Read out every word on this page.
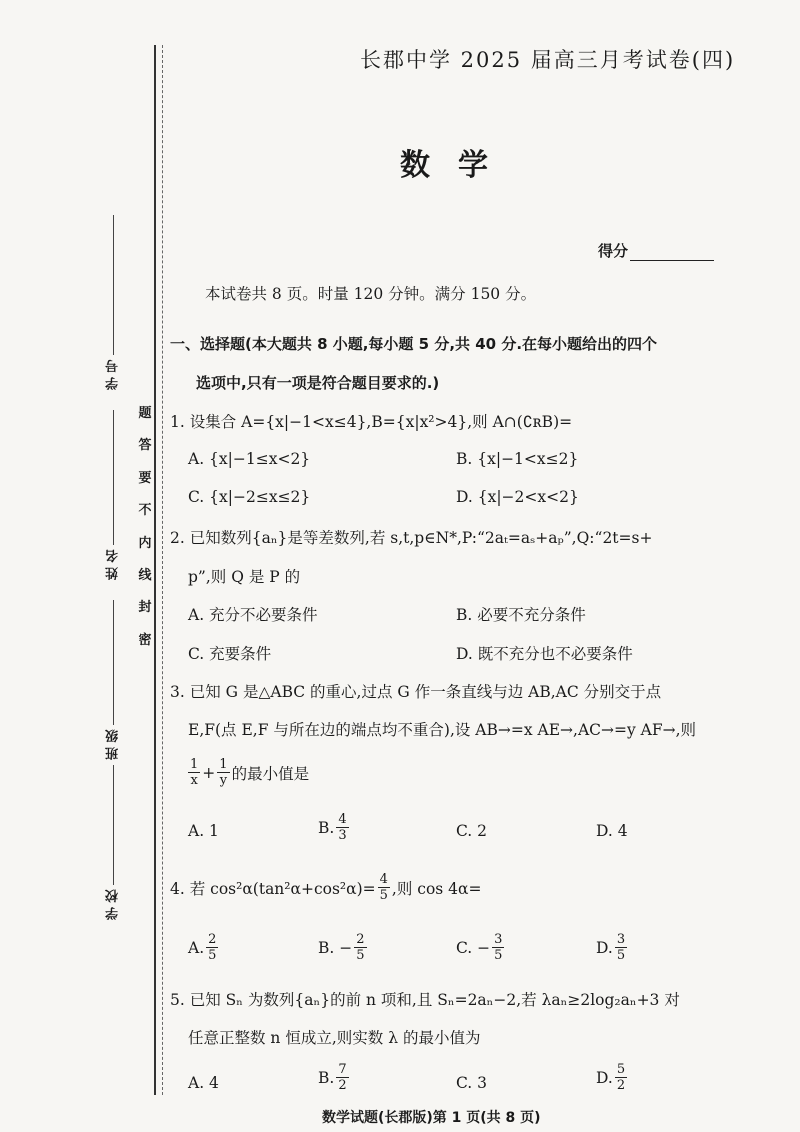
学 校
班 级
姓 名
学 号
题
答
要
不
内
线
封
密
长郡中学 2025 届高三月考试卷(四)
数学
得分
本试卷共 8 页。时量 120 分钟。满分 150 分。
一、选择题(本大题共 8 小题,每小题 5 分,共 40 分.在每小题给出的四个
选项中,只有一项是符合题目要求的.)
1. 设集合 A={x|−1<x≤4},B={x|x²>4},则 A∩(∁ʀB)=
A. {x|−1≤x<2}	B. {x|−1<x≤2}
C. {x|−2≤x≤2}	D. {x|−2<x<2}
2. 已知数列{aₙ}是等差数列,若 s,t,p∈N*,P:“2aₜ=aₛ+aₚ”,Q:“2t=s+
p”,则 Q 是 P 的
A. 充分不必要条件	B. 必要不充分条件
C. 充要条件	D. 既不充分也不必要条件
3. 已知 G 是△ABC 的重心,过点 G 作一条直线与边 AB,AC 分别交于点
E,F(点 E,F 与所在边的端点均不重合),设 AB→=x AE→,AC→=y AF→,则
$\frac{1}{x} + \frac{1}{y}$ 的最小值是
A. 1	B. $\frac{4}{3}$	C. 2	D. 4
4. 若 $\cos^2\alpha(\tan^2\alpha+\cos^2\alpha)= \frac{4}{5}$ ,则 cos 4α=
A. $\frac{2}{5}$	B. − $\frac{2}{5}$	C. − $\frac{3}{5}$	D. $\frac{3}{5}$
5. 已知 Sₙ 为数列{aₙ}的前 n 项和,且 Sₙ=2aₙ−2,若 λaₙ≥2log₂aₙ+3 对
任意正整数 n 恒成立,则实数 λ 的最小值为
A. 4	B. $\frac{7}{2}$	C. 3	D. $\frac{5}{2}$
数学试题(长郡版)第 1 页(共 8 页)
